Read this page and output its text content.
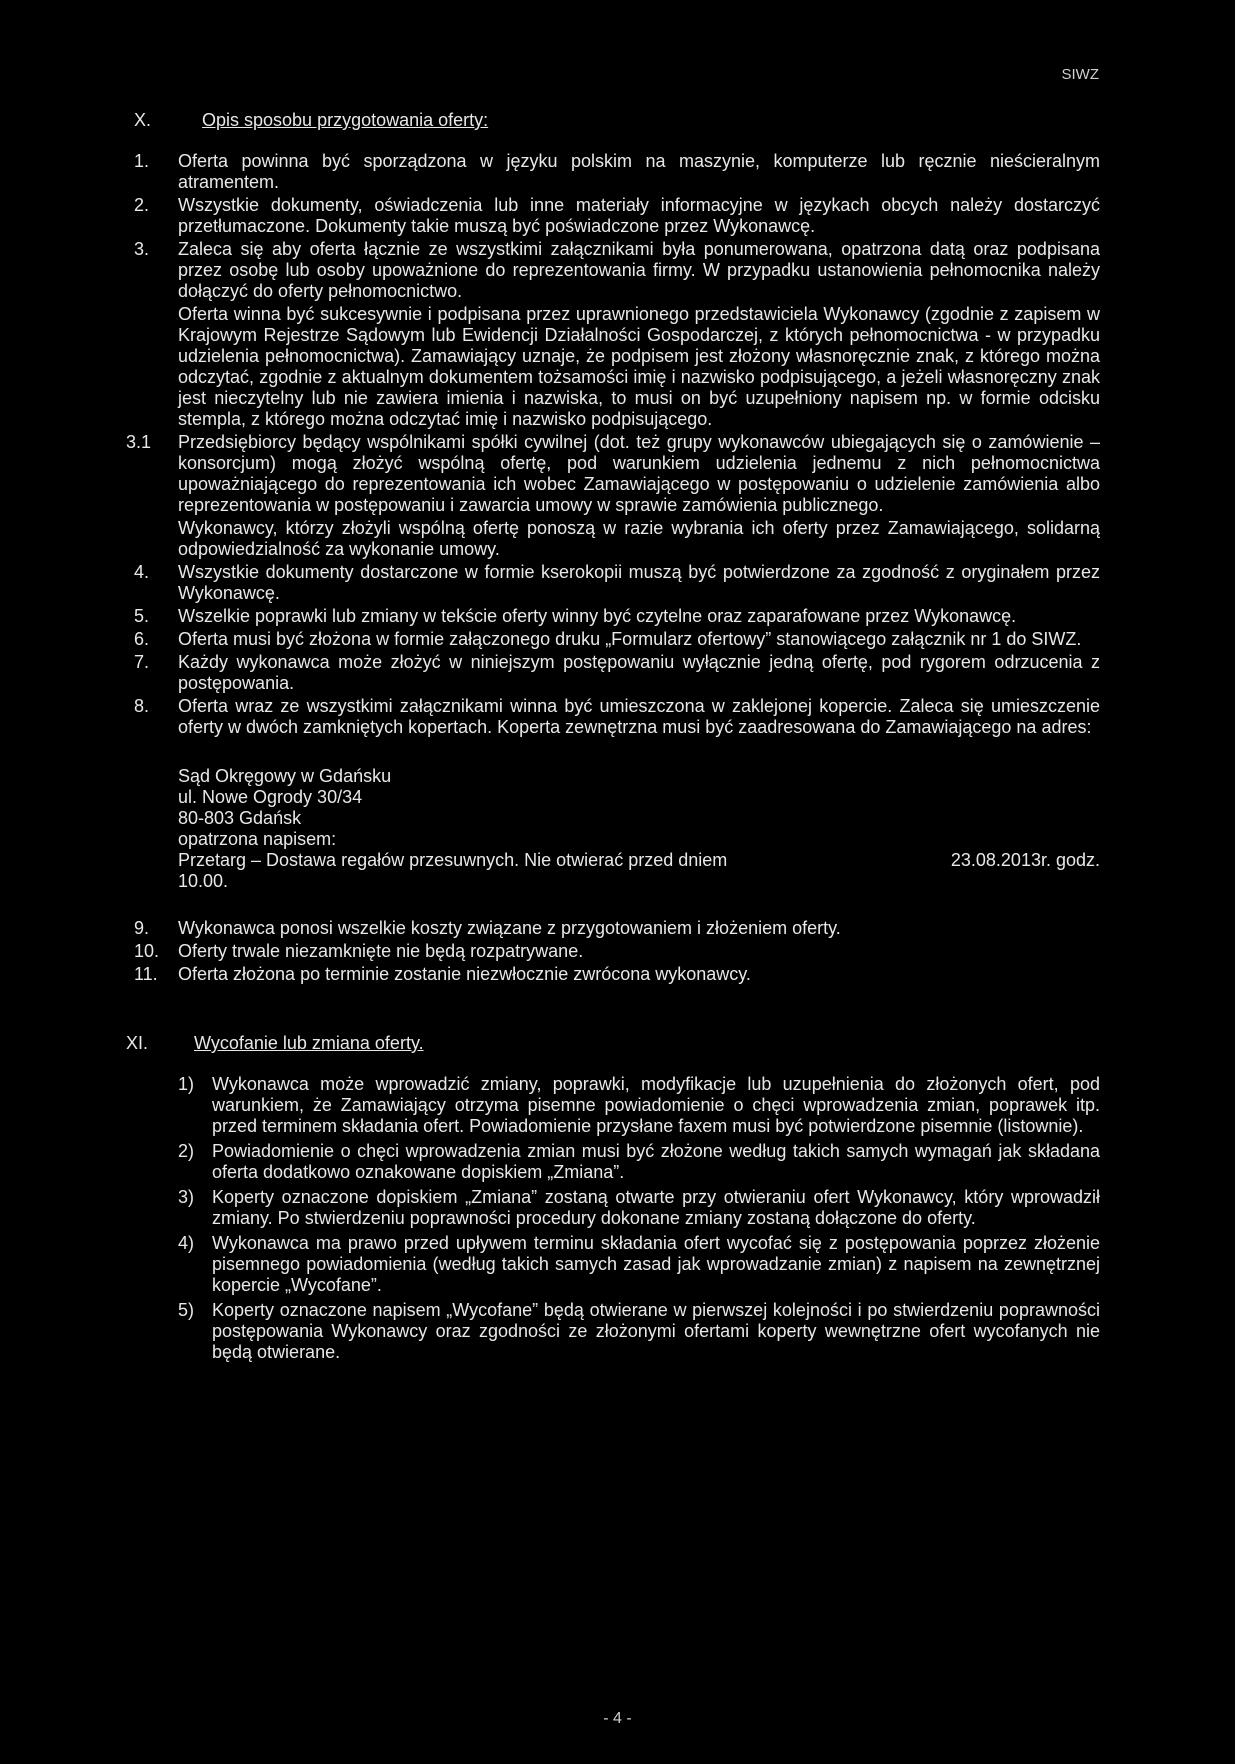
SIWZ
X.	Opis sposobu przygotowania oferty:
1.	Oferta powinna być sporządzona w języku polskim na maszynie, komputerze lub ręcznie nieścieralnym atramentem.
2.	Wszystkie dokumenty, oświadczenia lub inne materiały informacyjne w językach obcych należy dostarczyć przetłumaczone. Dokumenty takie muszą być poświadczone przez Wykonawcę.
3.	Zaleca się aby oferta łącznie ze wszystkimi załącznikami była ponumerowana, opatrzona datą oraz podpisana przez osobę lub osoby upoważnione do reprezentowania firmy. W przypadku ustanowienia pełnomocnika należy dołączyć do oferty pełnomocnictwo.
Oferta winna być sukcesywnie i podpisana przez uprawnionego przedstawiciela Wykonawcy (zgodnie z zapisem w Krajowym Rejestrze Sądowym lub Ewidencji Działalności Gospodarczej, z których pełnomocnictwa - w przypadku udzielenia pełnomocnictwa). Zamawiający uznaje, że podpisem jest złożony własnoręcznie znak, z którego można odczytać, zgodnie z aktualnym dokumentem tożsamości imię i nazwisko podpisującego, a jeżeli własnoręczny znak jest nieczytelny lub nie zawiera imienia i nazwiska, to musi on być uzupełniony napisem np. w formie odcisku stempla, z którego można odczytać imię i nazwisko podpisującego.
3.1	Przedsiębiorcy będący wspólnikami spółki cywilnej (dot. też grupy wykonawców ubiegających się o zamówienie – konsorcjum) mogą złożyć wspólną ofertę, pod warunkiem udzielenia jednemu z nich pełnomocnictwa upoważniającego do reprezentowania ich wobec Zamawiającego w postępowaniu o udzielenie zamówienia albo reprezentowania w postępowaniu i zawarcia umowy w sprawie zamówienia publicznego.
Wykonawcy, którzy złożyli wspólną ofertę ponoszą w razie wybrania ich oferty przez Zamawiającego, solidarną odpowiedzialność za wykonanie umowy.
4.	Wszystkie dokumenty dostarczone w formie kserokopii muszą być potwierdzone za zgodność z oryginałem przez Wykonawcę.
5.	Wszelkie poprawki lub zmiany w tekście oferty winny być czytelne oraz zaparafowane przez Wykonawcę.
6.	Oferta musi być złożona w formie załączonego druku „Formularz ofertowy” stanowiącego załącznik nr 1 do SIWZ.
7.	Każdy wykonawca może złożyć w niniejszym postępowaniu wyłącznie jedną ofertę, pod rygorem odrzucenia z postępowania.
8.	Oferta wraz ze wszystkimi załącznikami winna być umieszczona w zaklejonej kopercie. Zaleca się umieszczenie oferty w dwóch zamkniętych kopertach. Koperta zewnętrzna musi być zaadresowana do Zamawiającego na adres:
Sąd Okręgowy w Gdańsku
ul. Nowe Ogrody 30/34
80-803 Gdańsk
opatrzona napisem:
Przetarg – Dostawa regałów przesuwnych. Nie otwierać przed dniem	23.08.2013r. godz.
10.00.
9.	Wykonawca ponosi wszelkie koszty związane z przygotowaniem i złożeniem oferty.
10.	Oferty trwale niezamknięte nie będą rozpatrywane.
11.	Oferta złożona po terminie zostanie niezwłocznie zwrócona wykonawcy.
XI.	Wycofanie lub zmiana oferty.
1) Wykonawca może wprowadzić zmiany, poprawki, modyfikacje lub uzupełnienia do złożonych ofert, pod warunkiem, że Zamawiający otrzyma pisemne powiadomienie o chęci wprowadzenia zmian, poprawek itp. przed terminem składania ofert. Powiadomienie przysłane faxem musi być potwierdzone pisemnie (listownie).
2) Powiadomienie o chęci wprowadzenia zmian musi być złożone według takich samych wymagań jak składana oferta dodatkowo oznakowane dopiskiem „Zmiana”.
3) Koperty oznaczone dopiskiem „Zmiana” zostaną otwarte przy otwieraniu ofert Wykonawcy, który wprowadził zmiany. Po stwierdzeniu poprawności procedury dokonane zmiany zostaną dołączone do oferty.
4) Wykonawca ma prawo przed upływem terminu składania ofert wycofać się z postępowania poprzez złożenie pisemnego powiadomienia (według takich samych zasad jak wprowadzanie zmian) z napisem na zewnętrznej kopercie „Wycofane”.
5) Koperty oznaczone napisem „Wycofane” będą otwierane w pierwszej kolejności i po stwierdzeniu poprawności postępowania Wykonawcy oraz zgodności ze złożonymi ofertami koperty wewnętrzne ofert wycofanych nie będą otwierane.
- 4 -
